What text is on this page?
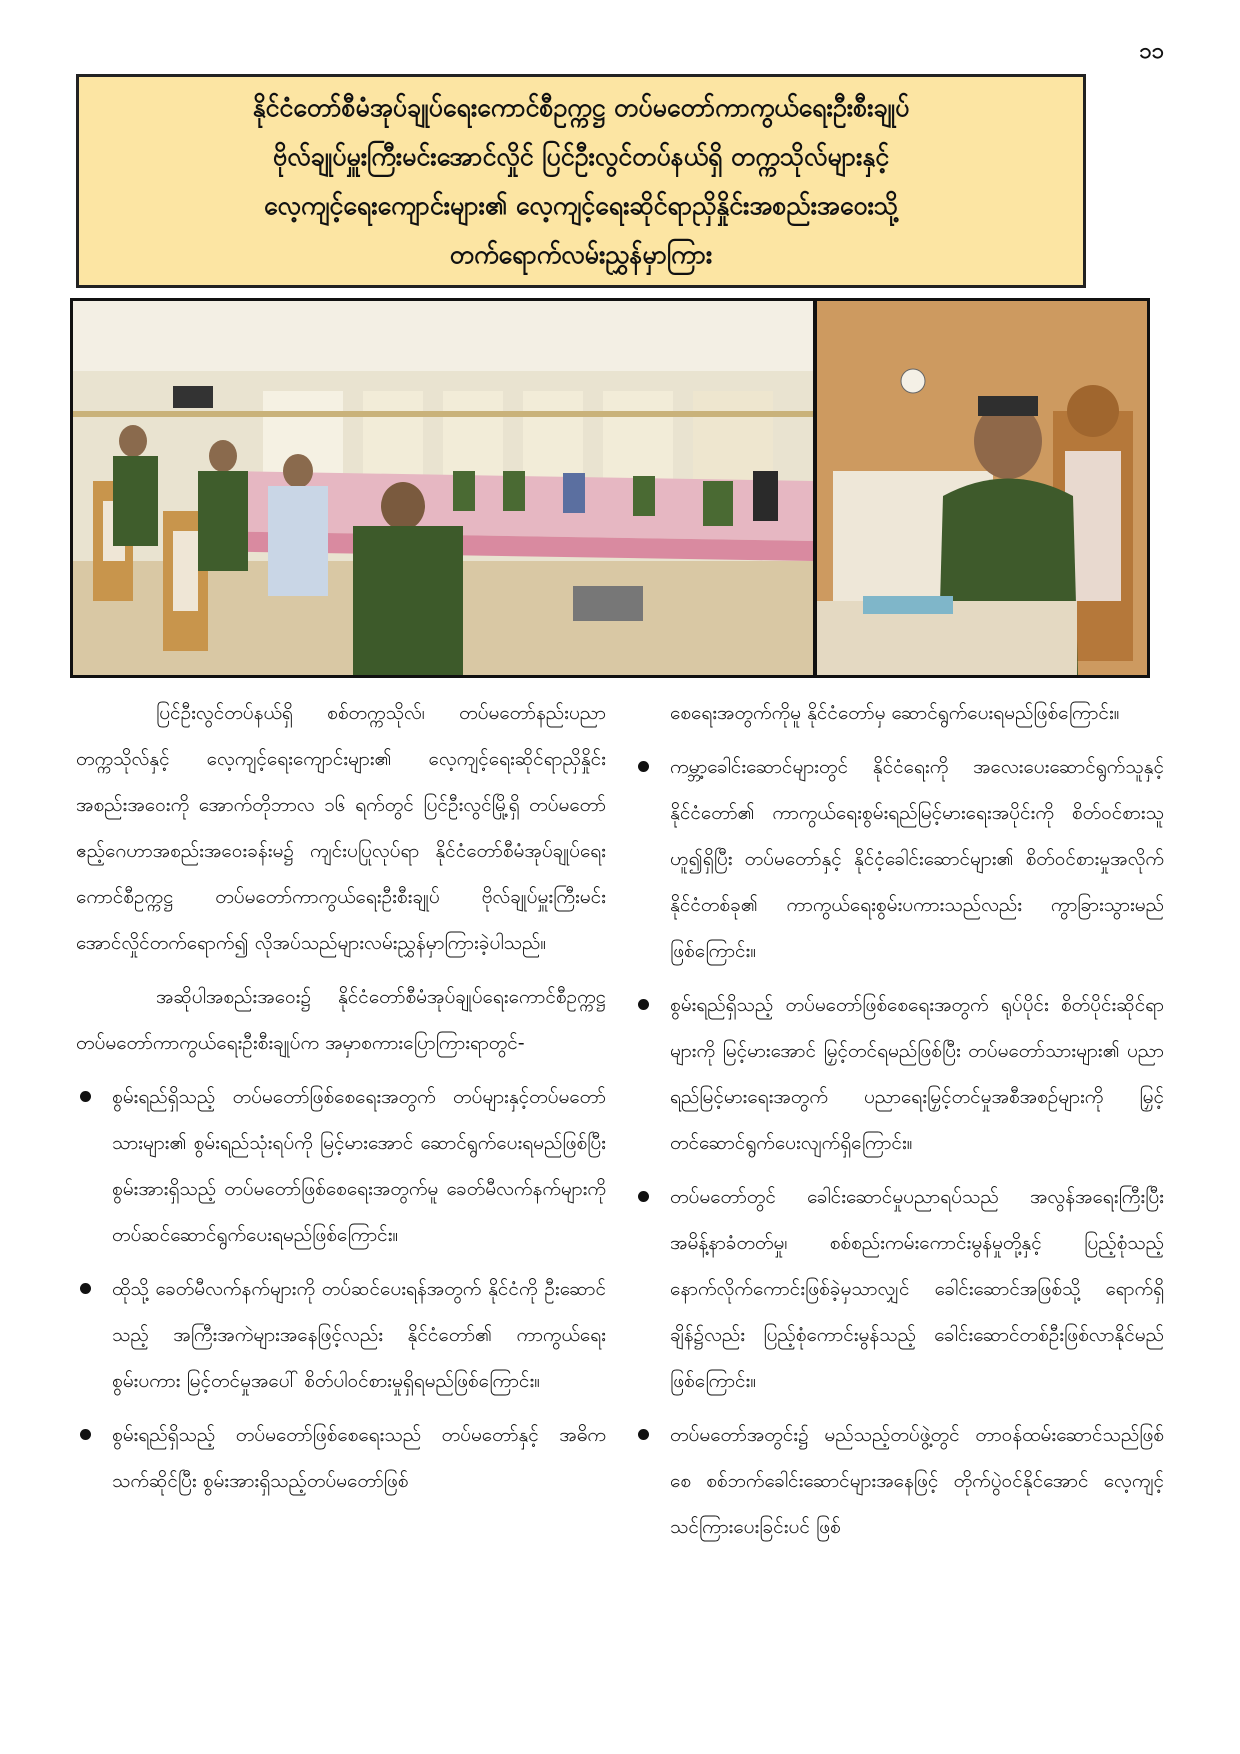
၁၁
နိုင်ငံတော်စီမံအုပ်ချုပ်ရေးကောင်စီဥက္ကဋ္ဌ တပ်မတော်ကာကွယ်ရေးဦးစီးချုပ်
ဗိုလ်ချုပ်မှူးကြီးမင်းအောင်လှိုင် ပြင်ဦးလွင်တပ်နယ်ရှိ တက္ကသိုလ်များနှင့်
လေ့ကျင့်ရေးကျောင်းများ၏ လေ့ကျင့်ရေးဆိုင်ရာညှိနှိုင်းအစည်းအဝေးသို့
တက်ရောက်လမ်းညွှန်မှာကြား

ပြင်ဦးလွင်တပ်နယ်ရှိ စစ်တက္ကသိုလ်၊ တပ်မတော်နည်းပညာတက္ကသိုလ်နှင့် လေ့ကျင့်ရေးကျောင်းများ၏ လေ့ကျင့်ရေးဆိုင်ရာညှိနှိုင်းအစည်းအဝေးကို အောက်တိုဘာလ ၁၆ ရက်တွင် ပြင်ဦးလွင်မြို့ရှိ တပ်မတော်ဧည့်ဂေဟာအစည်းအဝေးခန်းမ၌ ကျင်းပပြုလုပ်ရာ နိုင်ငံတော်စီမံအုပ်ချုပ်ရေးကောင်စီဥက္ကဋ္ဌ တပ်မတော်ကာကွယ်ရေးဦးစီးချုပ် ဗိုလ်ချုပ်မှူးကြီးမင်းအောင်လှိုင်တက်ရောက်၍ လိုအပ်သည်များလမ်းညွှန်မှာကြားခဲ့ပါသည်။

အဆိုပါအစည်းအဝေး၌ နိုင်ငံတော်စီမံအုပ်ချုပ်ရေးကောင်စီဥက္ကဋ္ဌ တပ်မတော်ကာကွယ်ရေးဦးစီးချုပ်က အမှာစကားပြောကြားရာတွင်-

စွမ်းရည်ရှိသည့် တပ်မတော်ဖြစ်စေရေးအတွက် တပ်များနှင့်တပ်မတော်သားများ၏ စွမ်းရည်သုံးရပ်ကို မြင့်မားအောင် ဆောင်ရွက်ပေးရမည်ဖြစ်ပြီး စွမ်းအားရှိသည့် တပ်မတော်ဖြစ်စေရေးအတွက်မူ ခေတ်မီလက်နက်များကို တပ်ဆင်ဆောင်ရွက်ပေးရမည်ဖြစ်ကြောင်း။
ထိုသို့ ခေတ်မီလက်နက်များကို တပ်ဆင်ပေးရန်အတွက် နိုင်ငံကို ဦးဆောင်သည့် အကြီးအကဲများအနေဖြင့်လည်း နိုင်ငံတော်၏ ကာကွယ်ရေးစွမ်းပကား မြင့်တင်မှုအပေါ် စိတ်ပါဝင်စားမှုရှိရမည်ဖြစ်ကြောင်း။
စွမ်းရည်ရှိသည့် တပ်မတော်ဖြစ်စေရေးသည် တပ်မတော်နှင့် အဓိကသက်ဆိုင်ပြီး စွမ်းအားရှိသည့်တပ်မတော်ဖြစ်

စေရေးအတွက်ကိုမူ နိုင်ငံတော်မှ ဆောင်ရွက်ပေးရမည်ဖြစ်ကြောင်း။

ကမ္ဘာ့ခေါင်းဆောင်များတွင် နိုင်ငံရေးကို အလေးပေးဆောင်ရွက်သူနှင့် နိုင်ငံတော်၏ ကာကွယ်ရေးစွမ်းရည်မြင့်မားရေးအပိုင်းကို စိတ်ဝင်စားသူဟူ၍ရှိပြီး တပ်မတော်နှင့် နိုင်ငံ့ခေါင်းဆောင်များ၏ စိတ်ဝင်စားမှုအလိုက် နိုင်ငံတစ်ခု၏ ကာကွယ်ရေးစွမ်းပကားသည်လည်း ကွာခြားသွားမည်ဖြစ်ကြောင်း။
စွမ်းရည်ရှိသည့် တပ်မတော်ဖြစ်စေရေးအတွက် ရုပ်ပိုင်း စိတ်ပိုင်းဆိုင်ရာများကို မြင့်မားအောင် မြှင့်တင်ရမည်ဖြစ်ပြီး တပ်မတော်သားများ၏ ပညာရည်မြင့်မားရေးအတွက် ပညာရေးမြှင့်တင်မှုအစီအစဉ်များကို မြှင့်တင်ဆောင်ရွက်ပေးလျက်ရှိကြောင်း။
တပ်မတော်တွင် ခေါင်းဆောင်မှုပညာရပ်သည် အလွန်အရေးကြီးပြီး အမိန့်နာခံတတ်မှု၊ စစ်စည်းကမ်းကောင်းမွန်မှုတို့နှင့် ပြည့်စုံသည့် နောက်လိုက်ကောင်းဖြစ်ခဲ့မှသာလျှင် ခေါင်းဆောင်အဖြစ်သို့ ရောက်ရှိချိန်၌လည်း ပြည့်စုံကောင်းမွန်သည့် ခေါင်းဆောင်တစ်ဦးဖြစ်လာနိုင်မည်ဖြစ်ကြောင်း။
တပ်မတော်အတွင်း၌ မည်သည့်တပ်ဖွဲ့တွင် တာဝန်ထမ်းဆောင်သည်ဖြစ်စေ စစ်ဘက်ခေါင်းဆောင်များအနေဖြင့် တိုက်ပွဲဝင်နိုင်အောင် လေ့ကျင့်သင်ကြားပေးခြင်းပင် ဖြစ်
